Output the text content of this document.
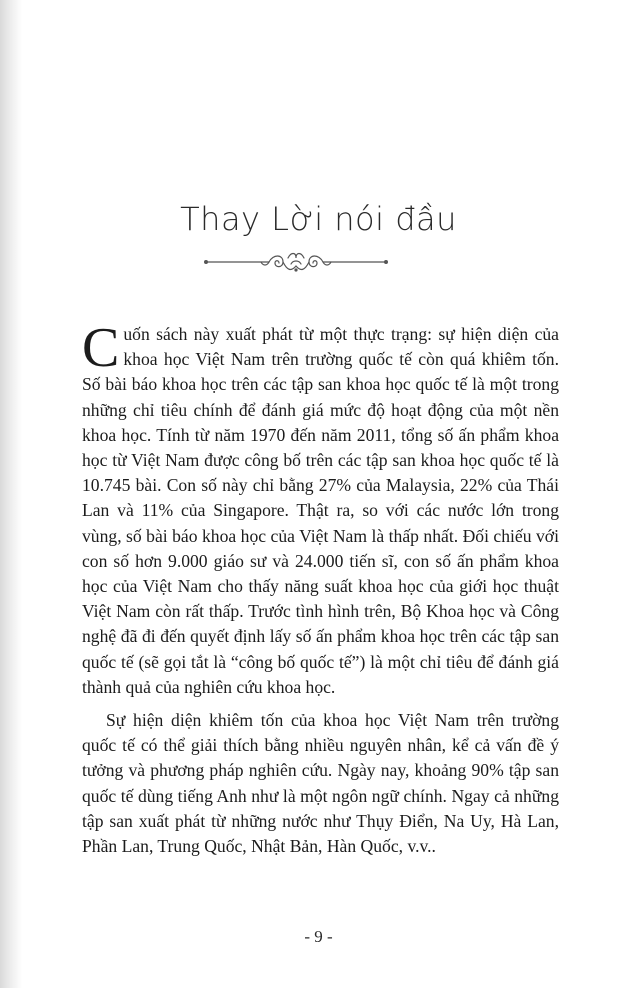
Thay Lời nói đầu

Cuốn sách này xuất phát từ một thực trạng: sự hiện diện của khoa học Việt Nam trên trường quốc tế còn quá khiêm tốn. Số bài báo khoa học trên các tập san khoa học quốc tế là một trong những chỉ tiêu chính để đánh giá mức độ hoạt động của một nền khoa học. Tính từ năm 1970 đến năm 2011, tổng số ấn phẩm khoa học từ Việt Nam được công bố trên các tập san khoa học quốc tế là 10.745 bài. Con số này chỉ bằng 27% của Malaysia, 22% của Thái Lan và 11% của Singapore. Thật ra, so với các nước lớn trong vùng, số bài báo khoa học của Việt Nam là thấp nhất. Đối chiếu với con số hơn 9.000 giáo sư và 24.000 tiến sĩ, con số ấn phẩm khoa học của Việt Nam cho thấy năng suất khoa học của giới học thuật Việt Nam còn rất thấp. Trước tình hình trên, Bộ Khoa học và Công nghệ đã đi đến quyết định lấy số ấn phẩm khoa học trên các tập san quốc tế (sẽ gọi tắt là “công bố quốc tế”) là một chỉ tiêu để đánh giá thành quả của nghiên cứu khoa học.

Sự hiện diện khiêm tốn của khoa học Việt Nam trên trường quốc tế có thể giải thích bằng nhiều nguyên nhân, kể cả vấn đề ý tưởng và phương pháp nghiên cứu. Ngày nay, khoảng 90% tập san quốc tế dùng tiếng Anh như là một ngôn ngữ chính. Ngay cả những tập san xuất phát từ những nước như Thụy Điển, Na Uy, Hà Lan, Phần Lan, Trung Quốc, Nhật Bản, Hàn Quốc, v.v..

- 9 -
